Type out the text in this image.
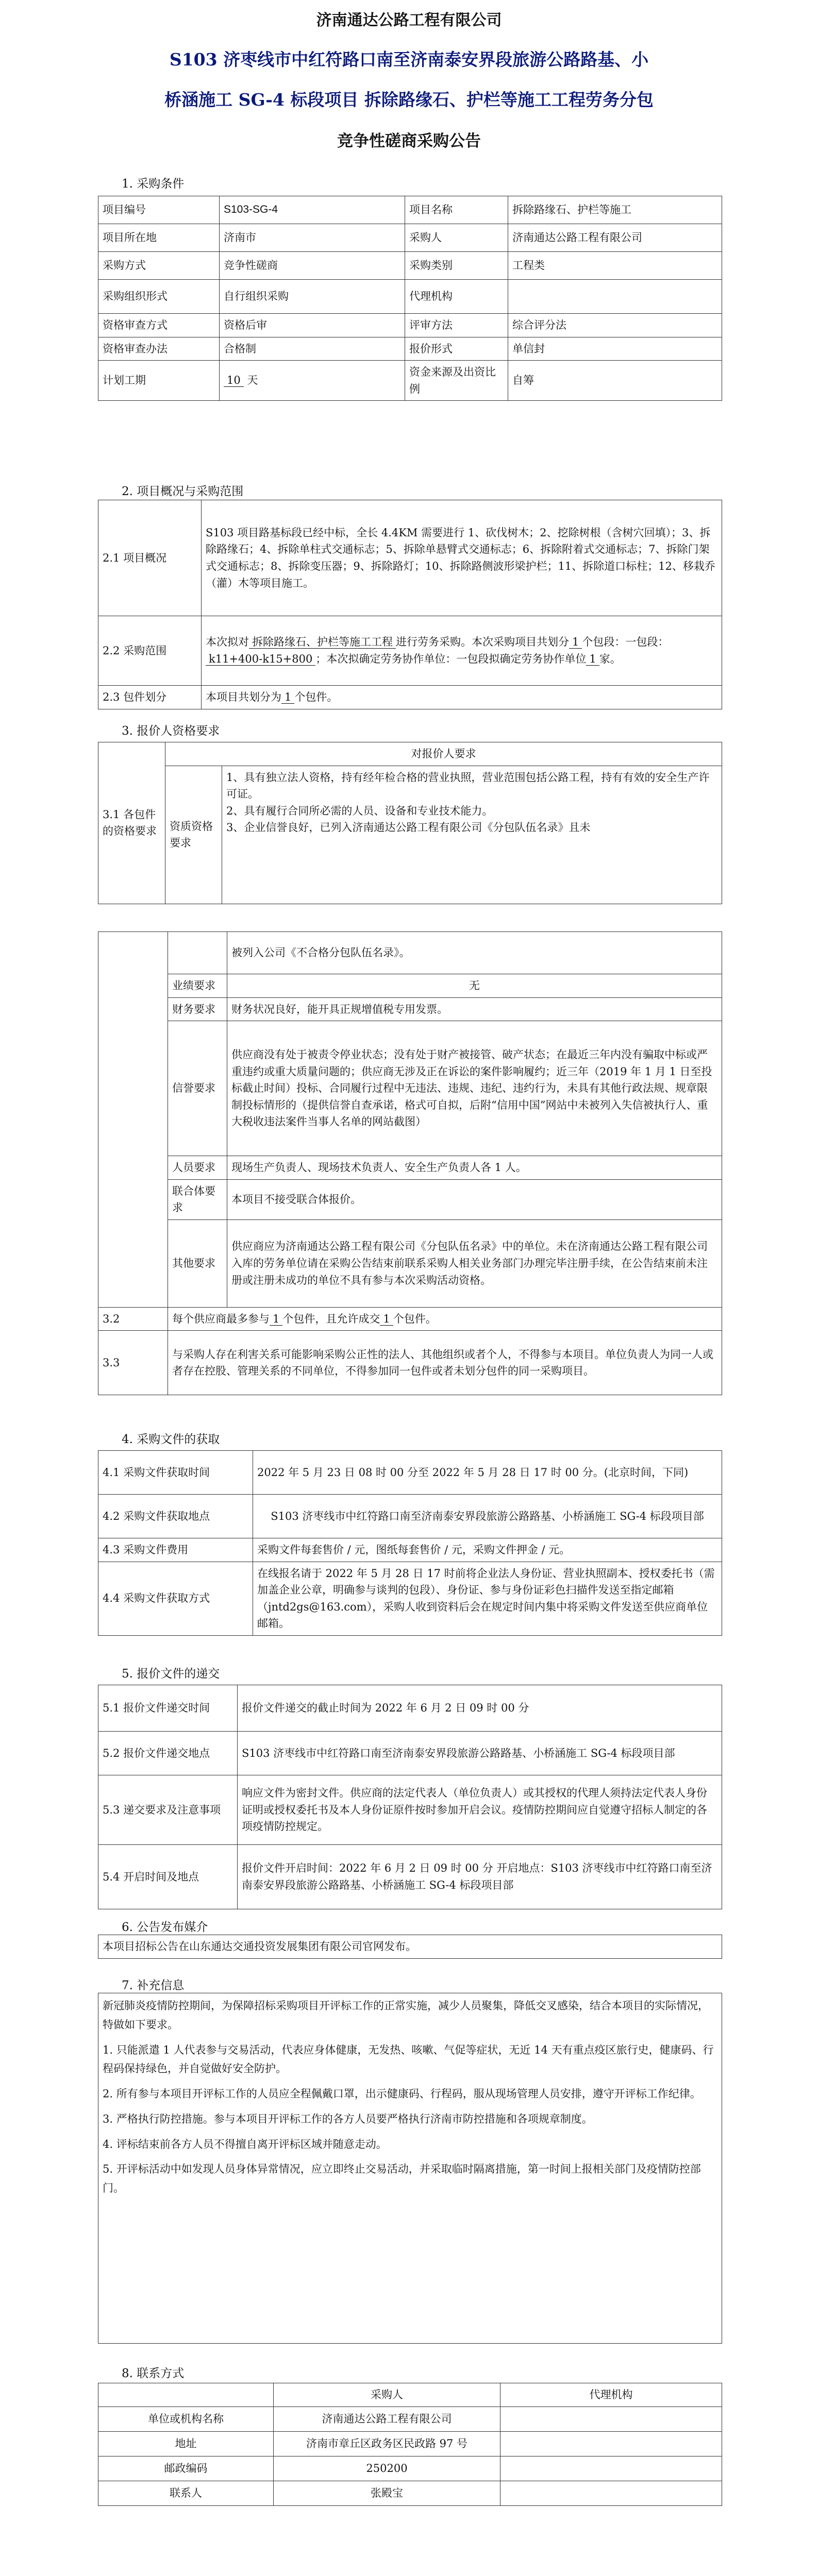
济南通达公路工程有限公司
S103 济枣线市中红符路口南至济南泰安界段旅游公路路基、小
桥涵施工 SG-4 标段项目 拆除路缘石、护栏等施工工程劳务分包
竞争性磋商采购公告
1. 采购条件
项目编号	S103-SG-4	项目名称	拆除路缘石、护栏等施工
项目所在地	济南市	采购人	济南通达公路工程有限公司
采购方式	竞争性磋商	采购类别	工程类
采购组织形式	自行组织采购	代理机构	
资格审查方式	资格后审	评审方法	综合评分法
资格审查办法	合格制	报价形式	单信封
计划工期	10 天	资金来源及出资比例	自筹
2. 项目概况与采购范围
2.1 项目概况	S103 项目路基标段已经中标，全长 4.4KM 需要进行 1、砍伐树木；2、挖除树根（含树穴回填）；3、拆除路缘石；4、拆除单柱式交通标志；5、拆除单悬臂式交通标志；6、拆除附着式交通标志；7、拆除门架式交通标志；8、拆除变压器；9、拆除路灯；10、拆除路侧波形梁护栏；11、拆除道口标柱；12、移栽乔（灌）木等项目施工。
2.2 采购范围	本次拟对 拆除路缘石、护栏等施工工程 进行劳务采购。本次采购项目共划分 1 个包段：一包段：k11+400-k15+800 ；本次拟确定劳务协作单位：一包段拟确定劳务协作单位 1 家。
2.3 包件划分	本项目共划分为 1 个包件。
3. 报价人资格要求
3.1 各包件的资格要求	对报价人要求	
	资质资格要求	1、具有独立法人资格，持有经年检合格的营业执照，营业范围包括公路工程，持有有效的安全生产许可证。
2、具有履行合同所必需的人员、设备和专业技术能力。
3、企业信誉良好，已列入济南通达公路工程有限公司《分包队伍名录》且未
		被列入公司《不合格分包队伍名录》。
	业绩要求	无
	财务要求	财务状况良好，能开具正规增值税专用发票。
	信誉要求	供应商没有处于被责令停业状态；没有处于财产被接管、破产状态；在最近三年内没有骗取中标或严重违约或重大质量问题的；供应商无涉及正在诉讼的案件影响履约；近三年（2019 年 1 月 1 日至投标截止时间）投标、合同履行过程中无违法、违规、违纪、违约行为，未具有其他行政法规、规章限制投标情形的（提供信誉自查承诺，格式可自拟，后附“信用中国”网站中未被列入失信被执行人、重大税收违法案件当事人名单的网站截图）
	人员要求	现场生产负责人、现场技术负责人、安全生产负责人各 1 人。
	联合体要求	本项目不接受联合体报价。
	其他要求	供应商应为济南通达公路工程有限公司《分包队伍名录》中的单位。未在济南通达公路工程有限公司入库的劳务单位请在采购公告结束前联系采购人相关业务部门办理完毕注册手续，在公告结束前未注册或注册未成功的单位不具有参与本次采购活动资格。
3.2	每个供应商最多参与 1 个包件，且允许成交 1 个包件。	
3.3	与采购人存在利害关系可能影响采购公正性的法人、其他组织或者个人，不得参与本项目。单位负责人为同一人或者存在控股、管理关系的不同单位，不得参加同一包件或者未划分包件的同一采购项目。	
4. 采购文件的获取
4.1 采购文件获取时间	2022 年 5 月 23 日 08 时 00 分至 2022 年 5 月 28 日 17 时 00 分。(北京时间，下同)
4.2 采购文件获取地点	S103 济枣线市中红符路口南至济南泰安界段旅游公路路基、小桥涵施工 SG-4 标段项目部
4.3 采购文件费用	采购文件每套售价 / 元，图纸每套售价 / 元，采购文件押金 / 元。
4.4 采购文件获取方式	在线报名请于 2022 年 5 月 28 日 17 时前将企业法人身份证、营业执照副本、授权委托书（需加盖企业公章，明确参与谈判的包段）、身份证、参与身份证彩色扫描件发送至指定邮箱（jntd2gs@163.com），采购人收到资料后会在规定时间内集中将采购文件发送至供应商单位邮箱。
5. 报价文件的递交
5.1 报价文件递交时间	报价文件递交的截止时间为 2022 年 6 月 2 日 09 时 00 分
5.2 报价文件递交地点	S103 济枣线市中红符路口南至济南泰安界段旅游公路路基、小桥涵施工 SG-4 标段项目部
5.3 递交要求及注意事项	响应文件为密封文件。供应商的法定代表人（单位负责人）或其授权的代理人须持法定代表人身份证明或授权委托书及本人身份证原件按时参加开启会议。疫情防控期间应自觉遵守招标人制定的各项疫情防控规定。
5.4 开启时间及地点	报价文件开启时间：2022 年 6 月 2 日 09 时 00 分 开启地点：S103 济枣线市中红符路口南至济南泰安界段旅游公路路基、小桥涵施工 SG-4 标段项目部
6. 公告发布媒介
本项目招标公告在山东通达交通投资发展集团有限公司官网发布。
7. 补充信息
新冠肺炎疫情防控期间，为保障招标采购项目开评标工作的正常实施，减少人员聚集，降低交叉感染，结合本项目的实际情况，特做如下要求。
1. 只能派遣 1 人代表参与交易活动，代表应身体健康，无发热、咳嗽、气促等症状，无近 14 天有重点疫区旅行史，健康码、行程码保持绿色，并自觉做好安全防护。
2. 所有参与本项目开评标工作的人员应全程佩戴口罩，出示健康码、行程码，服从现场管理人员安排，遵守开评标工作纪律。
3. 严格执行防控措施。参与本项目开评标工作的各方人员要严格执行济南市防控措施和各项规章制度。
4. 评标结束前各方人员不得擅自离开评标区域并随意走动。
5. 开评标活动中如发现人员身体异常情况，应立即终止交易活动，并采取临时隔离措施，第一时间上报相关部门及疫情防控部门。
8. 联系方式
	采购人	代理机构
单位或机构名称	济南通达公路工程有限公司	
地址	济南市章丘区政务区民政路 97 号	
邮政编码	250200	
联系人	张殿宝	
